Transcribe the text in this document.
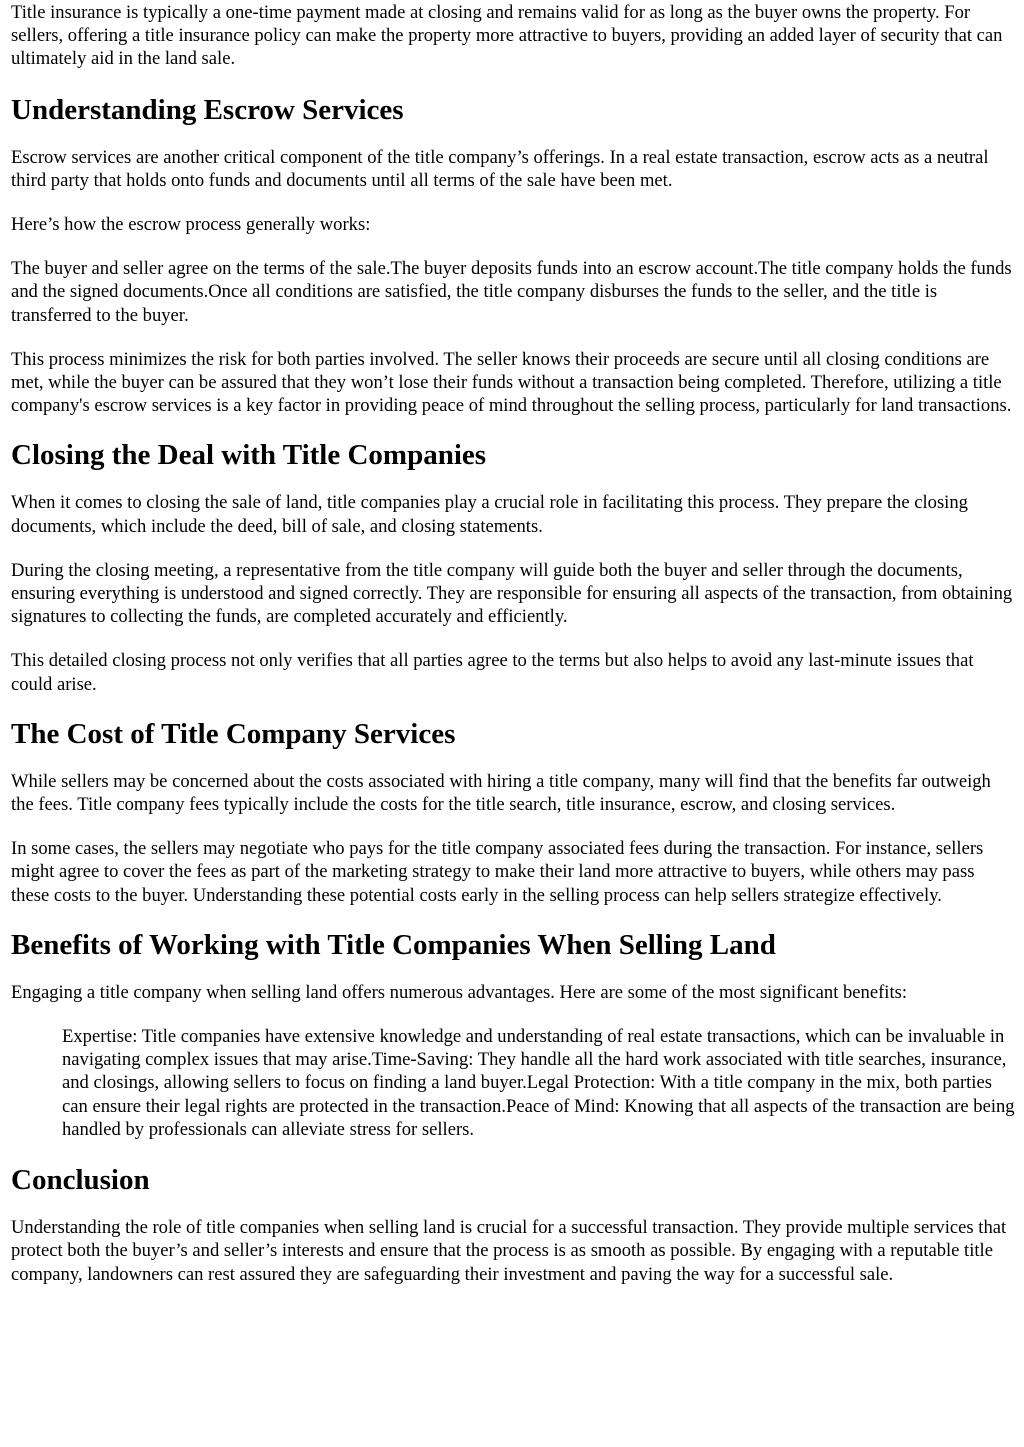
Title insurance is typically a one-time payment made at closing and remains valid for as long as the buyer owns the property. For sellers, offering a title insurance policy can make the property more attractive to buyers, providing an added layer of security that can ultimately aid in the land sale.

Understanding Escrow Services

Escrow services are another critical component of the title company’s offerings. In a real estate transaction, escrow acts as a neutral third party that holds onto funds and documents until all terms of the sale have been met.

Here’s how the escrow process generally works:

The buyer and seller agree on the terms of the sale.The buyer deposits funds into an escrow account.The title company holds the funds and the signed documents.Once all conditions are satisfied, the title company disburses the funds to the seller, and the title is transferred to the buyer.

This process minimizes the risk for both parties involved. The seller knows their proceeds are secure until all closing conditions are met, while the buyer can be assured that they won’t lose their funds without a transaction being completed. Therefore, utilizing a title company's escrow services is a key factor in providing peace of mind throughout the selling process, particularly for land transactions.

Closing the Deal with Title Companies

When it comes to closing the sale of land, title companies play a crucial role in facilitating this process. They prepare the closing documents, which include the deed, bill of sale, and closing statements.

During the closing meeting, a representative from the title company will guide both the buyer and seller through the documents, ensuring everything is understood and signed correctly. They are responsible for ensuring all aspects of the transaction, from obtaining signatures to collecting the funds, are completed accurately and efficiently.

This detailed closing process not only verifies that all parties agree to the terms but also helps to avoid any last-minute issues that could arise.

The Cost of Title Company Services

While sellers may be concerned about the costs associated with hiring a title company, many will find that the benefits far outweigh the fees. Title company fees typically include the costs for the title search, title insurance, escrow, and closing services.

In some cases, the sellers may negotiate who pays for the title company associated fees during the transaction. For instance, sellers might agree to cover the fees as part of the marketing strategy to make their land more attractive to buyers, while others may pass these costs to the buyer. Understanding these potential costs early in the selling process can help sellers strategize effectively.

Benefits of Working with Title Companies When Selling Land

Engaging a title company when selling land offers numerous advantages. Here are some of the most significant benefits:

Expertise: Title companies have extensive knowledge and understanding of real estate transactions, which can be invaluable in navigating complex issues that may arise.Time-Saving: They handle all the hard work associated with title searches, insurance, and closings, allowing sellers to focus on finding a land buyer.Legal Protection: With a title company in the mix, both parties can ensure their legal rights are protected in the transaction.Peace of Mind: Knowing that all aspects of the transaction are being handled by professionals can alleviate stress for sellers.
Conclusion

Understanding the role of title companies when selling land is crucial for a successful transaction. They provide multiple services that protect both the buyer’s and seller’s interests and ensure that the process is as smooth as possible. By engaging with a reputable title company, landowners can rest assured they are safeguarding their investment and paving the way for a successful sale.
